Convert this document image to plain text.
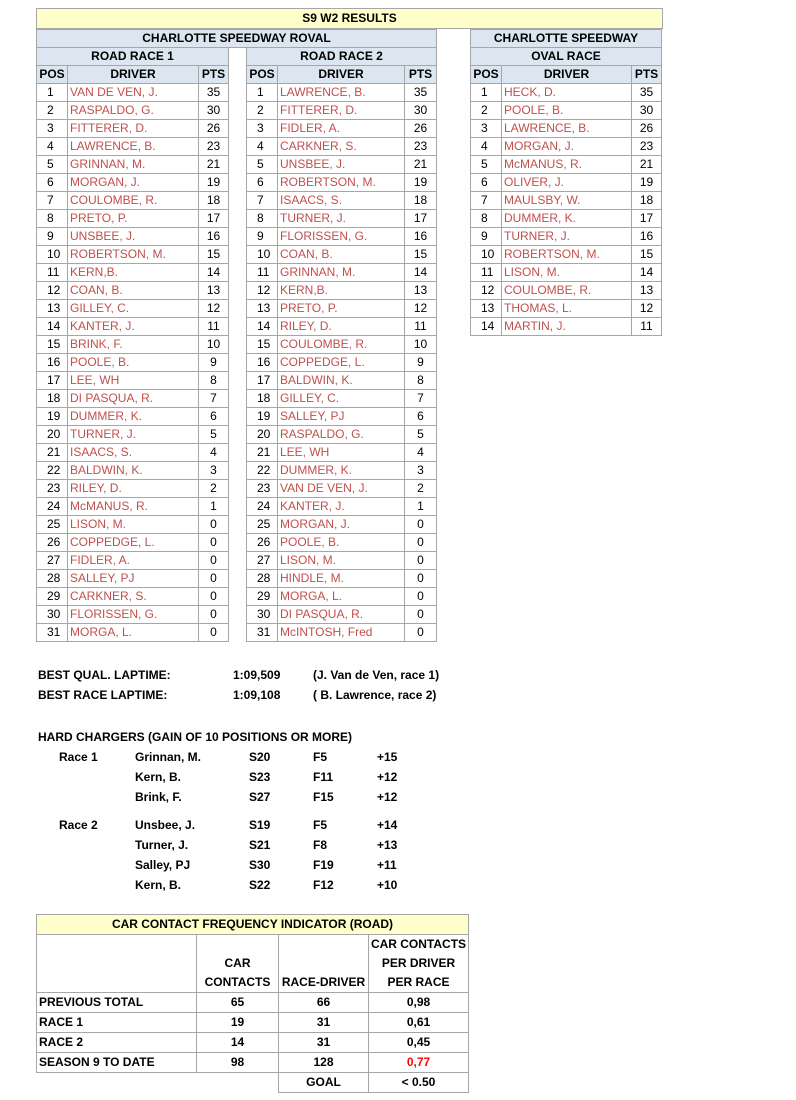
S9 W2 RESULTS
CHARLOTTE SPEEDWAY ROVAL						
ROAD RACE 1				ROAD RACE 2		
POS	DRIVER	PTS		POS	DRIVER	PTS
1	VAN DE VEN, J.	35		1	LAWRENCE, B.	35
2	RASPALDO, G.	30		2	FITTERER, D.	30
3	FITTERER, D.	26		3	FIDLER, A.	26
4	LAWRENCE, B.	23		4	CARKNER, S.	23
5	GRINNAN, M.	21		5	UNSBEE, J.	21
6	MORGAN, J.	19		6	ROBERTSON, M.	19
7	COULOMBE, R.	18		7	ISAACS, S.	18
8	PRETO, P.	17		8	TURNER, J.	17
9	UNSBEE, J.	16		9	FLORISSEN, G.	16
10	ROBERTSON, M.	15		10	COAN, B.	15
11	KERN,B.	14		11	GRINNAN, M.	14
12	COAN, B.	13		12	KERN,B.	13
13	GILLEY, C.	12		13	PRETO, P.	12
14	KANTER, J.	11		14	RILEY, D.	11
15	BRINK, F.	10		15	COULOMBE, R.	10
16	POOLE, B.	9		16	COPPEDGE, L.	9
17	LEE, WH	8		17	BALDWIN, K.	8
18	DI PASQUA, R.	7		18	GILLEY, C.	7
19	DUMMER, K.	6		19	SALLEY, PJ	6
20	TURNER, J.	5		20	RASPALDO, G.	5
21	ISAACS, S.	4		21	LEE, WH	4
22	BALDWIN, K.	3		22	DUMMER, K.	3
23	RILEY, D.	2		23	VAN DE VEN, J.	2
24	McMANUS, R.	1		24	KANTER, J.	1
25	LISON, M.	0		25	MORGAN, J.	0
26	COPPEDGE, L.	0		26	POOLE, B.	0
27	FIDLER, A.	0		27	LISON, M.	0
28	SALLEY, PJ	0		28	HINDLE, M.	0
29	CARKNER, S.	0		29	MORGA, L.	0
30	FLORISSEN, G.	0		30	DI PASQUA, R.	0
31	MORGA, L.	0		31	McINTOSH, Fred	0
CHARLOTTE SPEEDWAY		
OVAL RACE		
POS	DRIVER	PTS
1	HECK, D.	35
2	POOLE, B.	30
3	LAWRENCE, B.	26
4	MORGAN, J.	23
5	McMANUS, R.	21
6	OLIVER, J.	19
7	MAULSBY, W.	18
8	DUMMER, K.	17
9	TURNER, J.	16
10	ROBERTSON, M.	15
11	LISON, M.	14
12	COULOMBE, R.	13
13	THOMAS, L.	12
14	MARTIN, J.	11
BEST QUAL. LAPTIME:	1:09,509	(J. Van de Ven, race 1)
BEST RACE LAPTIME:	1:09,108	( B. Lawrence, race 2)
HARD CHARGERS (GAIN OF 10 POSITIONS OR MORE)
Race 1	Grinnan, M.	S20	F5	+15
Kern, B.	S23	F11	+12
Brink, F.	S27	F15	+12
Race 2	Unsbee, J.	S19	F5	+14
Turner, J.	S21	F8	+13
Salley, PJ	S30	F19	+11
Kern, B.	S22	F12	+10
CAR CONTACT FREQUENCY INDICATOR (ROAD)			
			CAR CONTACTS
	CAR		PER DRIVER
	CONTACTS	RACE-DRIVER	PER RACE
PREVIOUS TOTAL	65	66	0,98
RACE 1	19	31	0,61
RACE 2	14	31	0,45
SEASON 9 TO DATE	98	128	0,77
		GOAL	< 0.50
